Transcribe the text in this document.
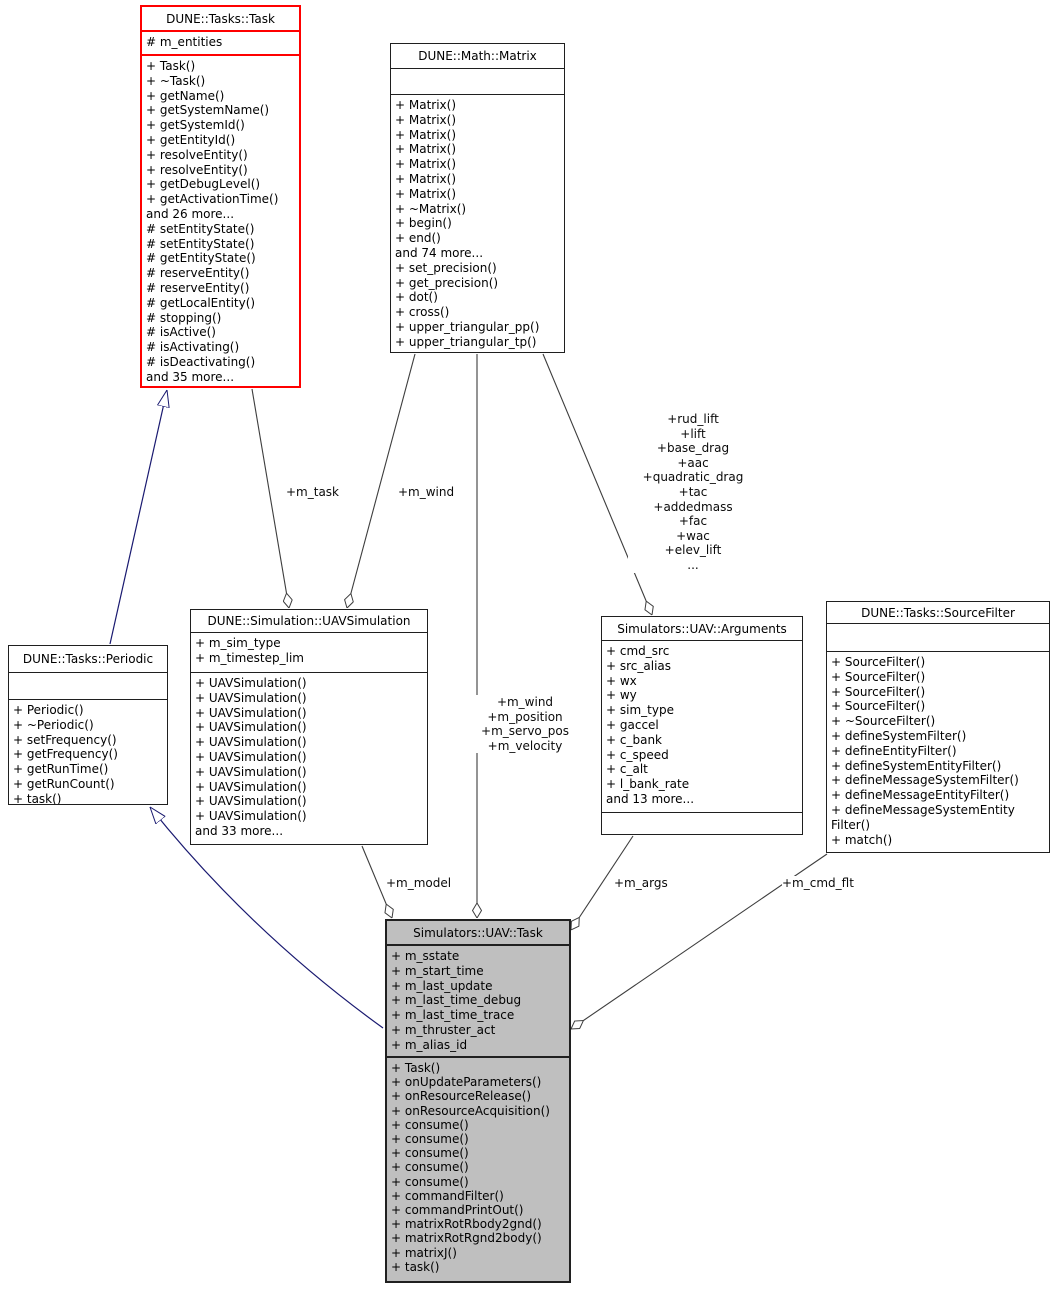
DUNE::Tasks::Task
# m_entities
+ Task()
+ ~Task()
+ getName()
+ getSystemName()
+ getSystemId()
+ getEntityId()
+ resolveEntity()
+ resolveEntity()
+ getDebugLevel()
+ getActivationTime()
and 26 more...
# setEntityState()
# setEntityState()
# getEntityState()
# reserveEntity()
# reserveEntity()
# getLocalEntity()
# stopping()
# isActive()
# isActivating()
# isDeactivating()
and 35 more...
DUNE::Math::Matrix
+ Matrix()
+ Matrix()
+ Matrix()
+ Matrix()
+ Matrix()
+ Matrix()
+ Matrix()
+ ~Matrix()
+ begin()
+ end()
and 74 more...
+ set_precision()
+ get_precision()
+ dot()
+ cross()
+ upper_triangular_pp()
+ upper_triangular_tp()
DUNE::Tasks::Periodic
+ Periodic()
+ ~Periodic()
+ setFrequency()
+ getFrequency()
+ getRunTime()
+ getRunCount()
+ task()
DUNE::Simulation::UAVSimulation
+ m_sim_type
+ m_timestep_lim
+ UAVSimulation()
+ UAVSimulation()
+ UAVSimulation()
+ UAVSimulation()
+ UAVSimulation()
+ UAVSimulation()
+ UAVSimulation()
+ UAVSimulation()
+ UAVSimulation()
+ UAVSimulation()
and 33 more...
Simulators::UAV::Arguments
+ cmd_src
+ src_alias
+ wx
+ wy
+ sim_type
+ gaccel
+ c_bank
+ c_speed
+ c_alt
+ l_bank_rate
and 13 more...
DUNE::Tasks::SourceFilter
+ SourceFilter()
+ SourceFilter()
+ SourceFilter()
+ SourceFilter()
+ ~SourceFilter()
+ defineSystemFilter()
+ defineEntityFilter()
+ defineSystemEntityFilter()
+ defineMessageSystemFilter()
+ defineMessageEntityFilter()
+ defineMessageSystemEntity Filter()
+ match()
Simulators::UAV::Task
+ m_sstate
+ m_start_time
+ m_last_update
+ m_last_time_debug
+ m_last_time_trace
+ m_thruster_act
+ m_alias_id
+ Task()
+ onUpdateParameters()
+ onResourceRelease()
+ onResourceAcquisition()
+ consume()
+ consume()
+ consume()
+ consume()
+ consume()
+ commandFilter()
+ commandPrintOut()
+ matrixRotRbody2gnd()
+ matrixRotRgnd2body()
+ matrixJ()
+ task()
+m_task	+m_wind
+rud_lift
+lift
+base_drag
+aac
+quadratic_drag
+tac
+addedmass
+fac
+wac
+elev_lift
...
+m_wind
+m_position
+m_servo_pos
+m_velocity
+m_model	+m_args	+m_cmd_flt
